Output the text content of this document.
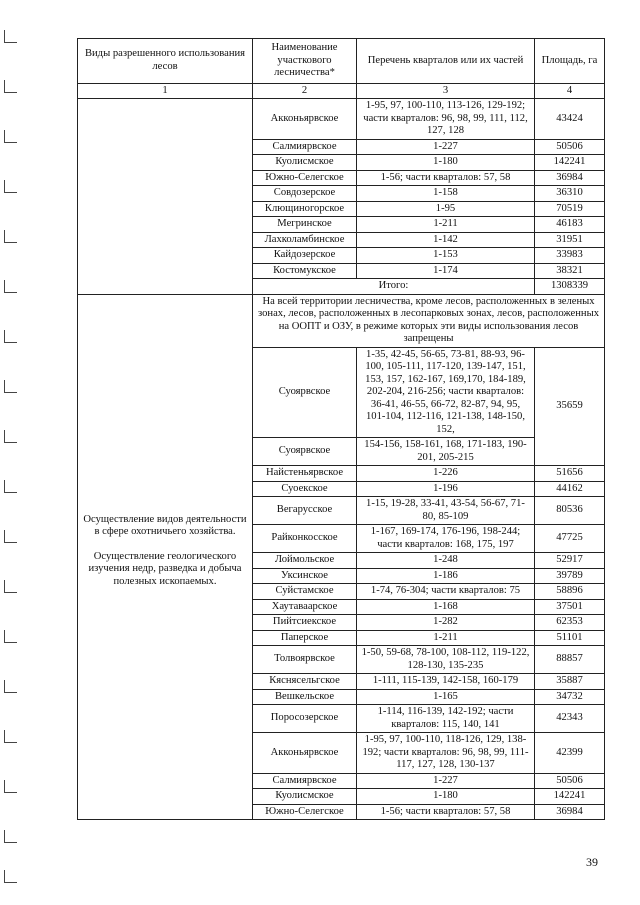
Виды разрешенного использования лесов	Наименование участкового лесничества*	Перечень кварталов или их частей	Площадь, га
1	2	3	4
	Акконьярвское	1-95, 97, 100-110, 113-126, 129-192; части кварталов: 96, 98, 99, 111, 112, 127, 128	43424
	Салмиярвское	1-227	50506
	Куолисмское	1-180	142241
	Южно-Селегское	1-56; части кварталов: 57, 58	36984
	Совдозерское	1-158	36310
	Клющиногорское	1-95	70519
	Мегринское	1-211	46183
	Лахколамбинское	1-142	31951
	Кайдозерское	1-153	33983
	Костомукское	1-174	38321
	Итого:		1308339

Осуществление видов деятельности в сфере охотничьего хозяйства.
Осуществление геологического изучения недр, разведка и добыча полезных ископаемых.	На всей территории лесничества, кроме лесов, расположенных в зеленых зонах, лесов, расположенных в лесопарковых зонах, лесов, расположенных на ООПТ и ОЗУ, в режиме которых эти виды использования лесов запрещены		
	Суоярвское	1-35, 42-45, 56-65, 73-81, 88-93, 96-100, 105-111, 117-120, 139-147, 151, 153, 157, 162-167, 169,170, 184-189, 202-204, 216-256; части кварталов: 36-41, 46-55, 66-72, 82-87, 94, 95, 101-104, 112-116, 121-138, 148-150, 152,	35659
	Суоярвское	154-156, 158-161, 168, 171-183, 190-201, 205-215	
	Найстеньярвское	1-226	51656
	Суоекское	1-196	44162
	Вегарусское	1-15, 19-28, 33-41, 43-54, 56-67, 71-80, 85-109	80536
	Райконкосское	1-167, 169-174, 176-196, 198-244; части кварталов: 168, 175, 197	47725
	Лоймольское	1-248	52917
	Уксинское	1-186	39789
	Суйстамское	1-74, 76-304; части кварталов: 75	58896
	Хаутаваарское	1-168	37501
	Пийтсиекское	1-282	62353
	Паперское	1-211	51101
	Толвоярвское	1-50, 59-68, 78-100, 108-112, 119-122, 128-130, 135-235	88857
	Кяснясельгское	1-111, 115-139, 142-158, 160-179	35887
	Вешкельское	1-165	34732
	Поросозерское	1-114, 116-139, 142-192; части кварталов: 115, 140, 141	42343
	Акконьярвское	1-95, 97, 100-110, 118-126, 129, 138-192; части кварталов: 96, 98, 99, 111-117, 127, 128, 130-137	42399
	Салмиярвское	1-227	50506
	Куолисмское	1-180	142241
	Южно-Селегское	1-56; части кварталов: 57, 58	36984
39
